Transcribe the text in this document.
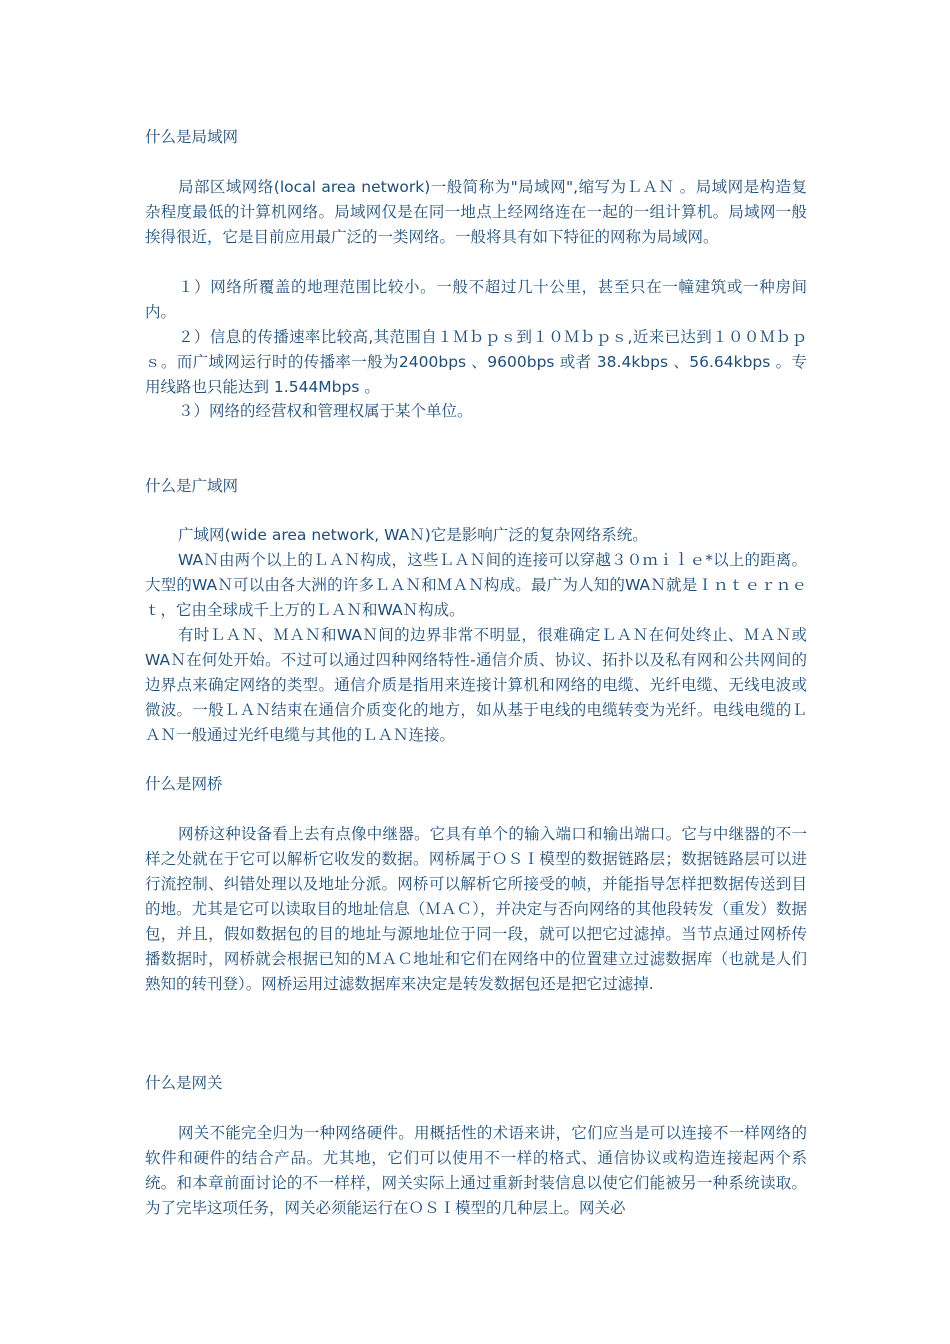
什么是局域网

局部区域网络(local area network)一般简称为"局域网",缩写为ＬＡＮ 。局域网是构造复杂程度最低的计算机网络。局域网仅是在同一地点上经网络连在一起的一组计算机。局域网一般挨得很近，它是目前应用最广泛的一类网络。一般将具有如下特征的网称为局域网。

１）网络所覆盖的地理范围比较小。一般不超过几十公里，甚至只在一幢建筑或一种房间内。

２）信息的传播速率比较高,其范围自１Ｍｂｐｓ到１０Ｍｂｐｓ,近来已达到１００Ｍｂｐｓ。而广域网运行时的传播率一般为2400bps 、9600bps 或者 38.4kbps 、56.64kbps 。专用线路也只能达到 1.544Mbps 。

３）网络的经营权和管理权属于某个单位。

什么是广域网

广域网(wide area network, WAＮ)它是影响广泛的复杂网络系统。

WAＮ由两个以上的ＬＡＮ构成，这些ＬＡＮ间的连接可以穿越３０ｍｉｌｅ*以上的距离。大型的WAＮ可以由各大洲的许多ＬＡＮ和ＭＡＮ构成。最广为人知的WAＮ就是Ｉｎｔｅｒｎｅｔ，它由全球成千上万的ＬＡＮ和WAＮ构成。

有时ＬＡＮ、ＭＡＮ和WAＮ间的边界非常不明显，很难确定ＬＡＮ在何处终止、ＭＡＮ或WAＮ在何处开始。不过可以通过四种网络特性-通信介质、协议、拓扑以及私有网和公共网间的边界点来确定网络的类型。通信介质是指用来连接计算机和网络的电缆、光纤电缆、无线电波或微波。一般ＬＡＮ结束在通信介质变化的地方，如从基于电线的电缆转变为光纤。电线电缆的ＬＡＮ一般通过光纤电缆与其他的ＬＡＮ连接。

什么是网桥

网桥这种设备看上去有点像中继器。它具有单个的输入端口和输出端口。它与中继器的不一样之处就在于它可以解析它收发的数据。网桥属于ＯＳＩ模型的数据链路层；数据链路层可以进行流控制、纠错处理以及地址分派。网桥可以解析它所接受的帧，并能指导怎样把数据传送到目的地。尤其是它可以读取目的地址信息（ＭＡＣ），并决定与否向网络的其他段转发（重发）数据包，并且，假如数据包的目的地址与源地址位于同一段，就可以把它过滤掉。当节点通过网桥传播数据时，网桥就会根据已知的ＭＡＣ地址和它们在网络中的位置建立过滤数据库（也就是人们熟知的转刊登）。网桥运用过滤数据库来决定是转发数据包还是把它过滤掉.

什么是网关

网关不能完全归为一种网络硬件。用概括性的术语来讲，它们应当是可以连接不一样网络的软件和硬件的结合产品。尤其地，它们可以使用不一样的格式、通信协议或构造连接起两个系统。和本章前面讨论的不一样样，网关实际上通过重新封装信息以使它们能被另一种系统读取。为了完毕这项任务，网关必须能运行在ＯＳＩ模型的几种层上。网关必
